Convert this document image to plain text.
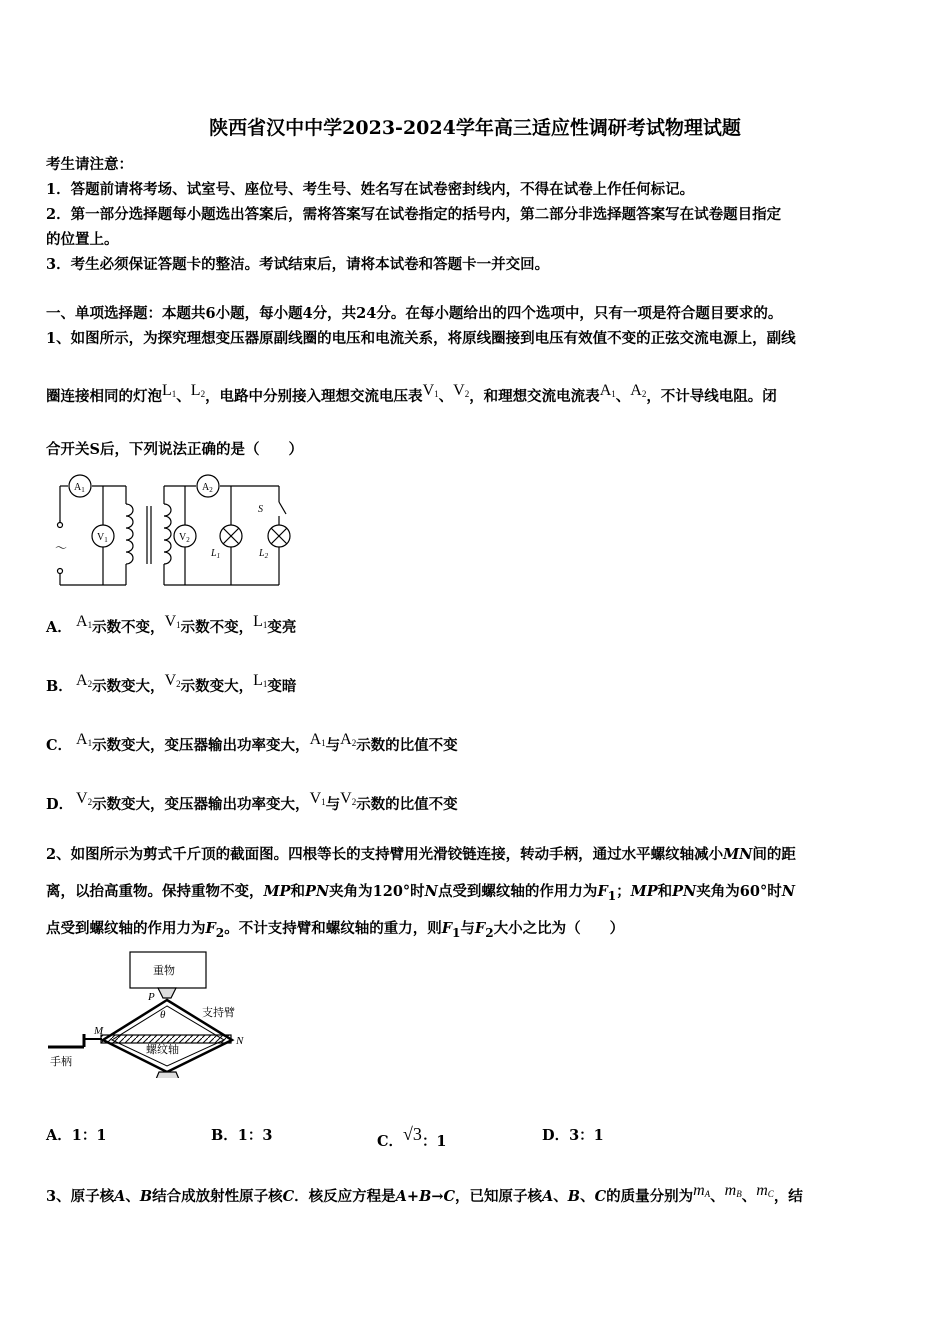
陕西省汉中中学2023-2024学年高三适应性调研考试物理试题
考生请注意：
1．答题前请将考场、试室号、座位号、考生号、姓名写在试卷密封线内，不得在试卷上作任何标记。
2．第一部分选择题每小题选出答案后，需将答案写在试卷指定的括号内，第二部分非选择题答案写在试卷题目指定
的位置上。
3．考生必须保证答题卡的整洁。考试结束后，请将本试卷和答题卡一并交回。
一、单项选择题：本题共6小题，每小题4分，共24分。在每小题给出的四个选项中，只有一项是符合题目要求的。
1、如图所示，为探究理想变压器原副线圈的电压和电流关系，将原线圈接到电压有效值不变的正弦交流电源上，副线
圈连接相同的灯泡$L_1$、$L_2$，电路中分别接入理想交流电压表$V_1$、$V_2$，和理想交流电流表$A_1$、$A_2$，不计导线电阻。闭
合开关S后，下列说法正确的是（　　）
$A_1$	$A_2$
$V_1$	$V_2$
$L_1$	$L_2$
S
～
A． $A_1$示数不变，$V_1$示数不变，$L_1$变亮
B． $A_2$示数变大，$V_2$示数变大，$L_1$变暗
C． $A_1$示数变大，变压器输出功率变大，$A_1$与$A_2$示数的比值不变
D． $V_2$示数变大，变压器输出功率变大，$V_1$与$V_2$示数的比值不变
2、如图所示为剪式千斤顶的截面图。四根等长的支持臂用光滑铰链连接，转动手柄，通过水平螺纹轴减小MN间的距
离，以抬高重物。保持重物不变，MP和PN夹角为120°时N点受到螺纹轴的作用力为$F_1$；MP和PN夹角为60°时N
点受到螺纹轴的作用力为$F_2$。不计支持臂和螺纹轴的重力，则$F_1$与$F_2$大小之比为（　　）
重物
支持臂
螺纹轴
手柄
P
θ
M
N
A．1：1	B．1：3	C．√3：1	D．3：1
3、原子核A、B结合成放射性原子核C．核反应方程是A+B→C，已知原子核A、B、C的质量分别为$m_A$、$m_B$、$m_C$，结
